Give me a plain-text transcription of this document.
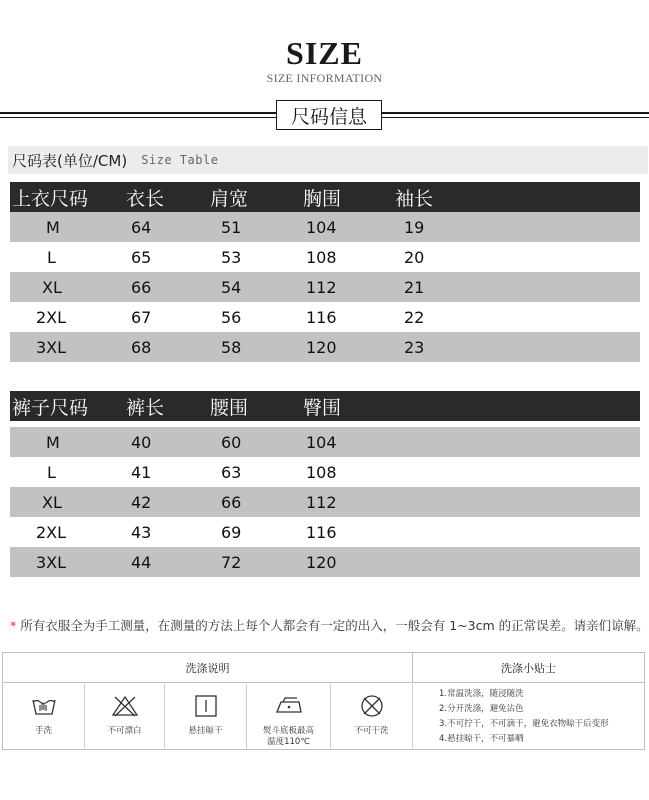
SIZE
SIZE INFORMATION
尺码信息
尺码表(单位/CM) Size Table
上衣尺码 衣长 肩宽	胸围	袖长
M	64	51	104	19
L	65	53	108	20
XL	66	54	112	21
2XL	67	56	116	22
3XL	68	58	120	23
裤子尺码 裤长 腰围	臀围
M	40	60	104
L	41	63	108
XL	42	66	112
2XL	43	69	116
3XL	44	72	120
* 所有衣服全为手工测量，在测量的方法上每个人都会有一定的出入，一般会有 1~3cm 的正常误差。请亲们谅解。
洗涤说明	洗涤小贴士
手洗	不可漂白	悬挂晾干	熨斗底板最高
温度110℃
不可干洗
1.常温洗涤，随浸随洗
2.分开洗涤，避免沾色
3.不可拧干，不可滴干，避免衣物晾干后变形
4.悬挂晾干，不可暴晒
